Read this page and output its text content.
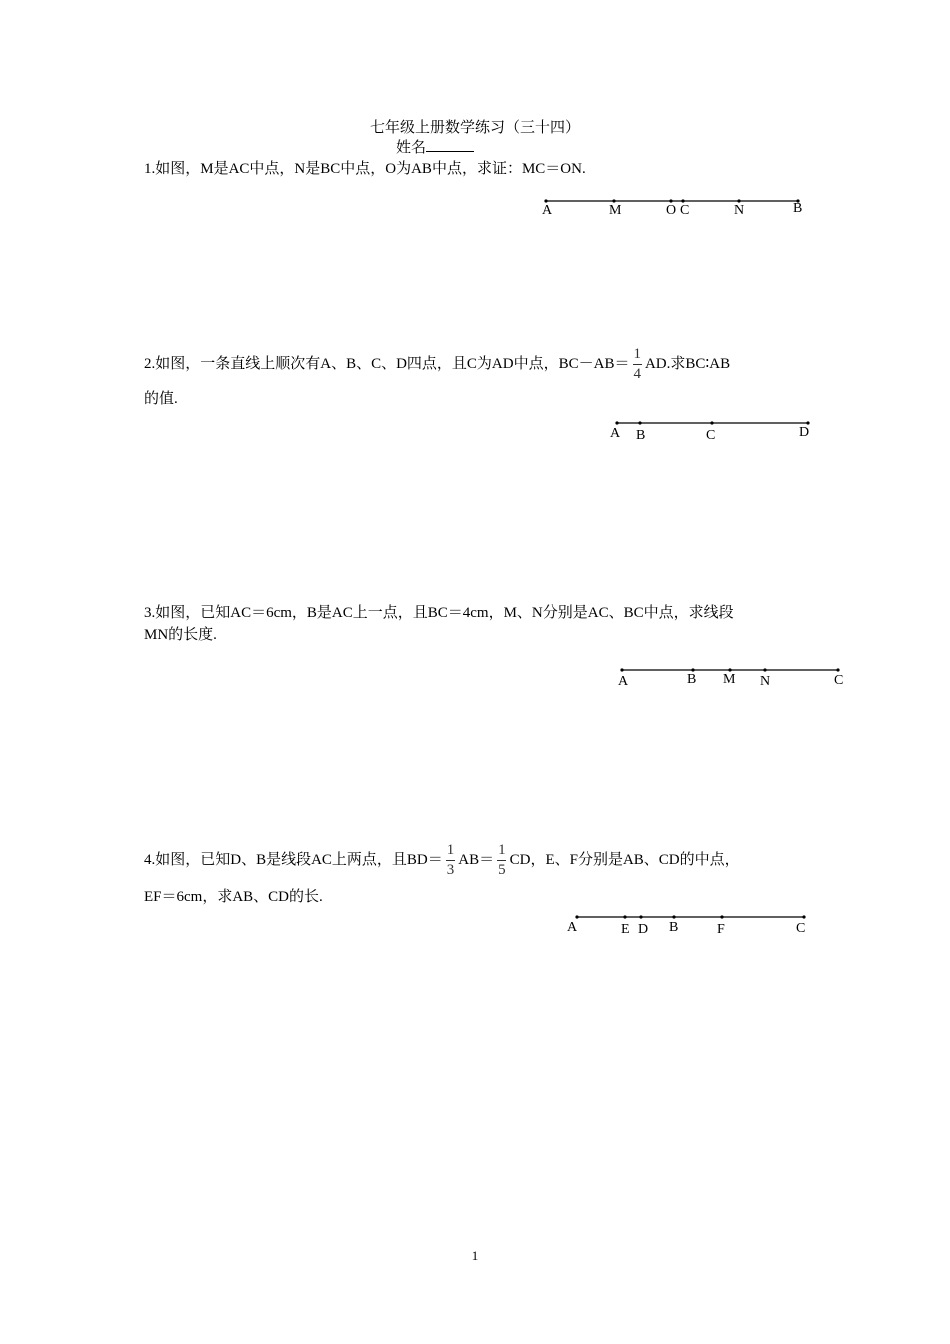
七年级上册数学练习（三十四）
姓名
1.如图，M是AC中点，N是BC中点，O为AB中点，求证：MC＝ON.
A	M	O C	N	B
2.如图，一条直线上顺次有A、B、C、D四点，且C为AD中点，$BC-AB= \frac{1}{4}$ AD.求BC∶AB
的值.
A B	C	D
3.如图，已知AC＝6cm，B是AC上一点，且BC＝4cm，M、N分别是AC、BC中点，求线段
MN的长度.
A	B M N	C
4.如图，已知D、B是线段AC上两点，且$BD= \frac{1}{3} AB= \frac{1}{5}$ CD，E、F分别是AB、CD的中点，
EF＝6cm，求AB、CD的长.
A	E D B	F	C
1
